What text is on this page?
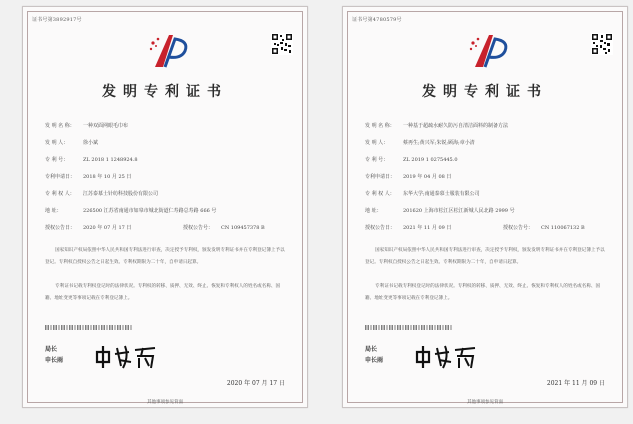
证书号第3892917号
发明专利证书
发 明 名 称： 一种双面网眼毛巾布
发 明 人：	徐小斌
专 利 号：	ZL 2018 1 1248924.8
专利申请日： 2018 年 10 月 25 日
专 利 权 人： 江苏泰慕士针纺科技股份有限公司
地 址：	226500 江苏省南通市如皋市城北街道仁寿路总寿路 666 号
授权公告日： 2020 年 07 月 17 日	授权公告号： CN 109457378 B
国家知识产权局依照中华人民共和国专利法进行审查，决定授予专利权，颁发发明专利证书并在专利登记簿上予以登记。专利权自授权公告之日起生效。专利权期限为二十年，自申请日起算。
专利证书记载专利权登记时的法律状况。专利权的转移、质押、无效、终止、恢复和专利权人的姓名或名称、国籍、地址变更等事项记载在专利登记簿上。
局长
申长雨
2020 年 07 月 17 日
其他事项参见背面
证书号第4780579号
发明专利证书
发 明 名 称： 一种基于超疏水耐久防污自清洁面料的制备方法
发 明 人：	蔡再生;黄兴军;朱锐;顾海;章小清
专 利 号：	ZL 2019 1 0275445.0
专利申请日： 2019 年 04 月 08 日
专 利 权 人： 东华大学;南通泰慕士服装有限公司
地 址：	201620 上海市松江区松江新城人民北路 2999 号
授权公告日： 2021 年 11 月 09 日	授权公告号： CN 110067132 B
国家知识产权局依照中华人民共和国专利法进行审查，决定授予专利权，颁发发明专利证书并在专利登记簿上予以登记。专利权自授权公告之日起生效。专利权期限为二十年，自申请日起算。
专利证书记载专利权登记时的法律状况。专利权的转移、质押、无效、终止、恢复和专利权人的姓名或名称、国籍、地址变更等事项记载在专利登记簿上。
局长
申长雨
2021 年 11 月 09 日
其他事项参见背面
